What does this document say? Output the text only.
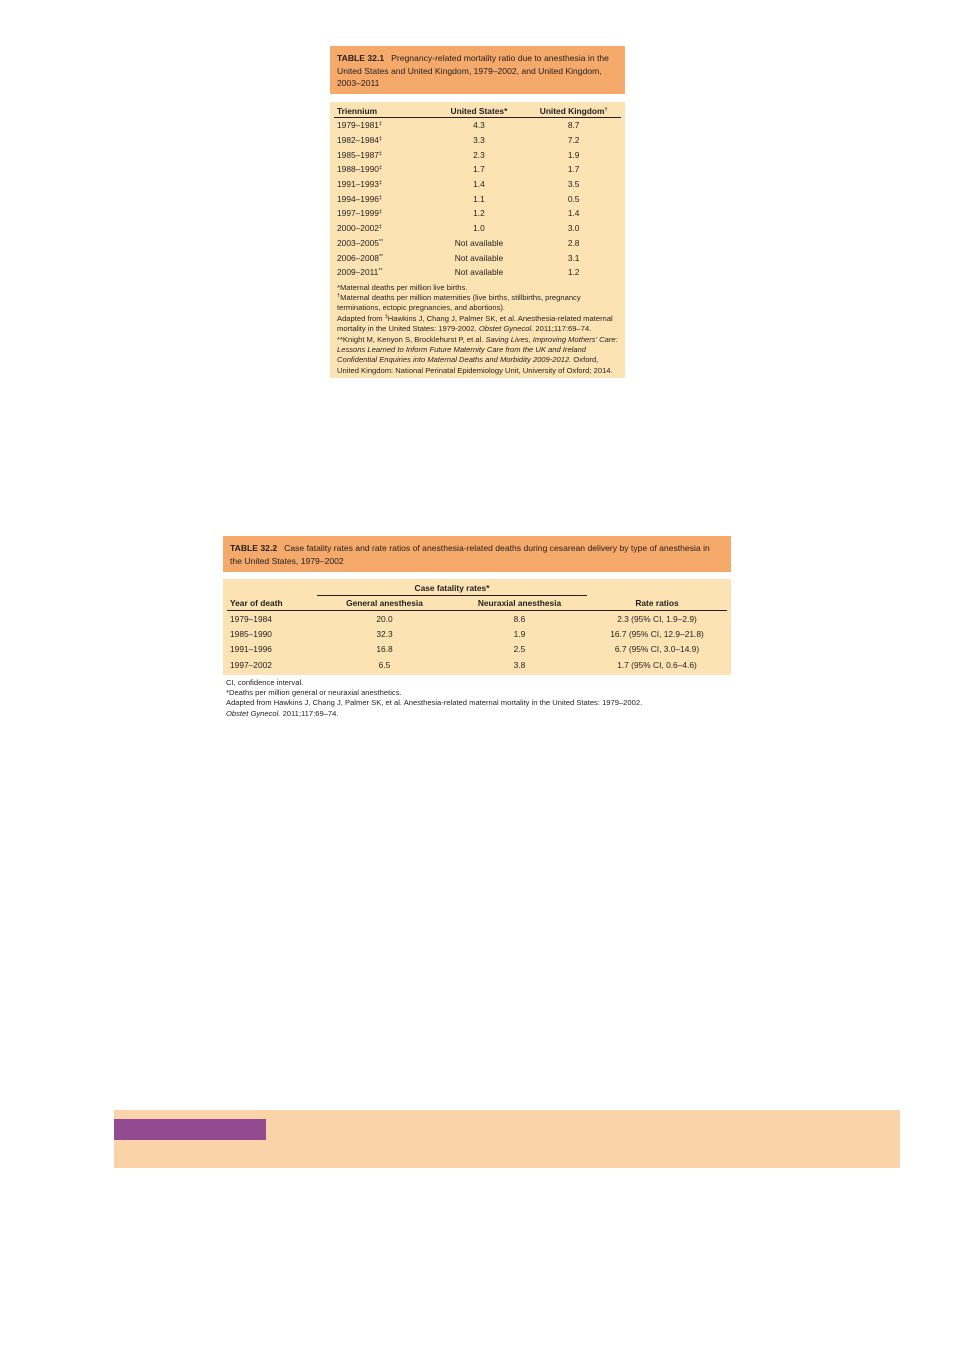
TABLE 32.1 Pregnancy-related mortality ratio due to anesthesia in the United States and United Kingdom, 1979–2002, and United Kingdom, 2003–2011
Triennium	United States*	United Kingdom†
1979–1981‡	4.3	8.7
1982–1984‡	3.3	7.2
1985–1987‡	2.3	1.9
1988–1990‡	1.7	1.7
1991–1993‡	1.4	3.5
1994–1996‡	1.1	0.5
1997–1999‡	1.2	1.4
2000–2002‡	1.0	3.0
2003–2005**	Not available	2.8
2006–2008**	Not available	3.1
2009–2011**	Not available	1.2
*Maternal deaths per million live births.
†Maternal deaths per million maternities (live births, stillbirths, pregnancy terminations, ectopic pregnancies, and abortions).
Adapted from ‡Hawkins J, Chang J, Palmer SK, et al. Anesthesia-related maternal mortality in the United States: 1979-2002. Obstet Gynecol. 2011;117:69–74.
**Knight M, Kenyon S, Brocklehurst P, et al. Saving Lives, Improving Mothers' Care: Lessons Learned to Inform Future Maternity Care from the UK and Ireland Confidential Enquiries into Maternal Deaths and Morbidity 2009-2012. Oxford, United Kingdom: National Perinatal Epidemiology Unit, University of Oxford; 2014.
TABLE 32.2 Case fatality rates and rate ratios of anesthesia-related deaths during cesarean delivery by type of anesthesia in the United States, 1979–2002
	Case fatality rates*		
Year of death	General anesthesia	Neuraxial anesthesia	Rate ratios
1979–1984	20.0	8.6	2.3 (95% CI, 1.9–2.9)
1985–1990	32.3	1.9	16.7 (95% CI, 12.9–21.8)
1991–1996	16.8	2.5	6.7 (95% CI, 3.0–14.9)
1997–2002	6.5	3.8	1.7 (95% CI, 0.6–4.6)
CI, confidence interval.
*Deaths per million general or neuraxial anesthetics.
Adapted from Hawkins J, Chang J, Palmer SK, et al. Anesthesia-related maternal mortality in the United States: 1979–2002.
Obstet Gynecol. 2011;117:69–74.
